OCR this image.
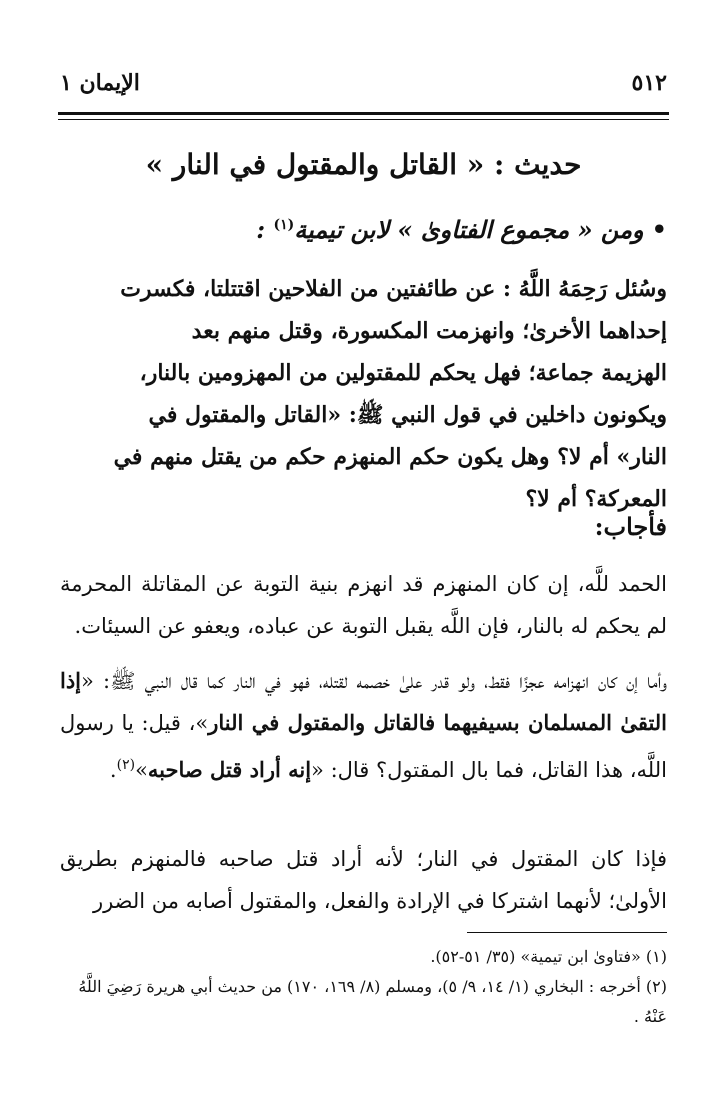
٥١٢
الإيمان ١
حديث : « القاتل والمقتول في النار »
•ومن « مجموع الفتاوىٰ » لابن تيمية$^{(١)}$ :
وسُئل رَحِمَهُ اللَّهُ : عن طائفتين من الفلاحين اقتتلتا، فكسرت
إحداهما الأخرىٰ؛ وانهزمت المكسورة، وقتل منهم بعد
الهزيمة جماعة؛ فهل يحكم للمقتولين من المهزومين بالنار،
ويكونون داخلين في قول النبي ﷺ: «القاتل والمقتول في
النار» أم لا؟ وهل يكون حكم المنهزم حكم من يقتل منهم في
المعركة؟ أم لا؟
فأجاب:
الحمد للَّه، إن كان المنهزم قد انهزم بنية التوبة عن المقاتلة المحرمة لم يحكم له بالنار، فإن اللَّه يقبل التوبة عن عباده، ويعفو عن السيئات.
وأما إن كان انهزامه عجزًا فقط، ولو قدر علىٰ خصمه لقتله، فهو في النار كما قال النبي ﷺ: «إذا التقىٰ المسلمان بسيفيهما فالقاتل والمقتول في النار»، قيل: يا رسول اللَّه، هذا القاتل، فما بال المقتول؟ قال: «إنه أراد قتل صاحبه»$^{(٢)}$.
فإذا كان المقتول في النار؛ لأنه أراد قتل صاحبه فالمنهزم بطريق الأولىٰ؛ لأنهما اشتركا في الإرادة والفعل، والمقتول أصابه من الضرر
(١) «فتاوىٰ ابن تيمية» (٣٥/ ٥١-٥٢).
(٢) أخرجه : البخاري (١/ ١٤، ٩/ ٥)، ومسلم (٨/ ١٦٩، ١٧٠) من حديث أبي هريرة رَضِيَ اللَّهُ عَنْهُ .
